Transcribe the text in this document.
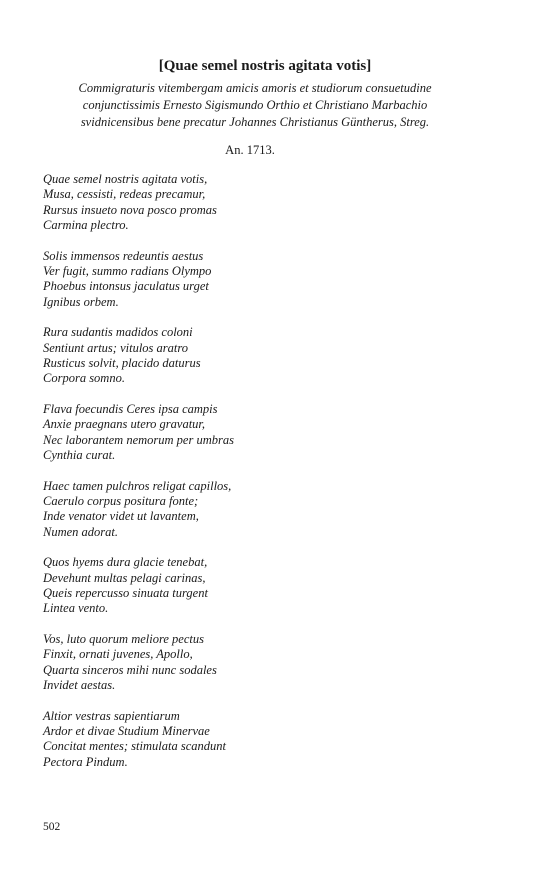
[Quae semel nostris agitata votis]
Commigraturis vitembergam amicis amoris et studiorum consuetudine
conjunctissimis Ernesto Sigismundo Orthio et Christiano Marbachio
svidnicensibus bene precatur Johannes Christianus Güntherus, Streg.
An. 1713.
Quae semel nostris agitata votis,
Musa, cessisti, redeas precamur,
Rursus insueto nova posco promas
Carmina plectro.
Solis immensos redeuntis aestus
Ver fugit, summo radians Olympo
Phoebus intonsus jaculatus urget
Ignibus orbem.
Rura sudantis madidos coloni
Sentiunt artus; vitulos aratro
Rusticus solvit, placido daturus
Corpora somno.
Flava foecundis Ceres ipsa campis
Anxie praegnans utero gravatur,
Nec laborantem nemorum per umbras
Cynthia curat.
Haec tamen pulchros religat capillos,
Caerulo corpus positura fonte;
Inde venator videt ut lavantem,
Numen adorat.
Quos hyems dura glacie tenebat,
Devehunt multas pelagi carinas,
Queis repercusso sinuata turgent
Lintea vento.
Vos, luto quorum meliore pectus
Finxit, ornati juvenes, Apollo,
Quarta sinceros mihi nunc sodales
Invidet aestas.
Altior vestras sapientiarum
Ardor et divae Studium Minervae
Concitat mentes; stimulata scandunt
Pectora Pindum.
502
